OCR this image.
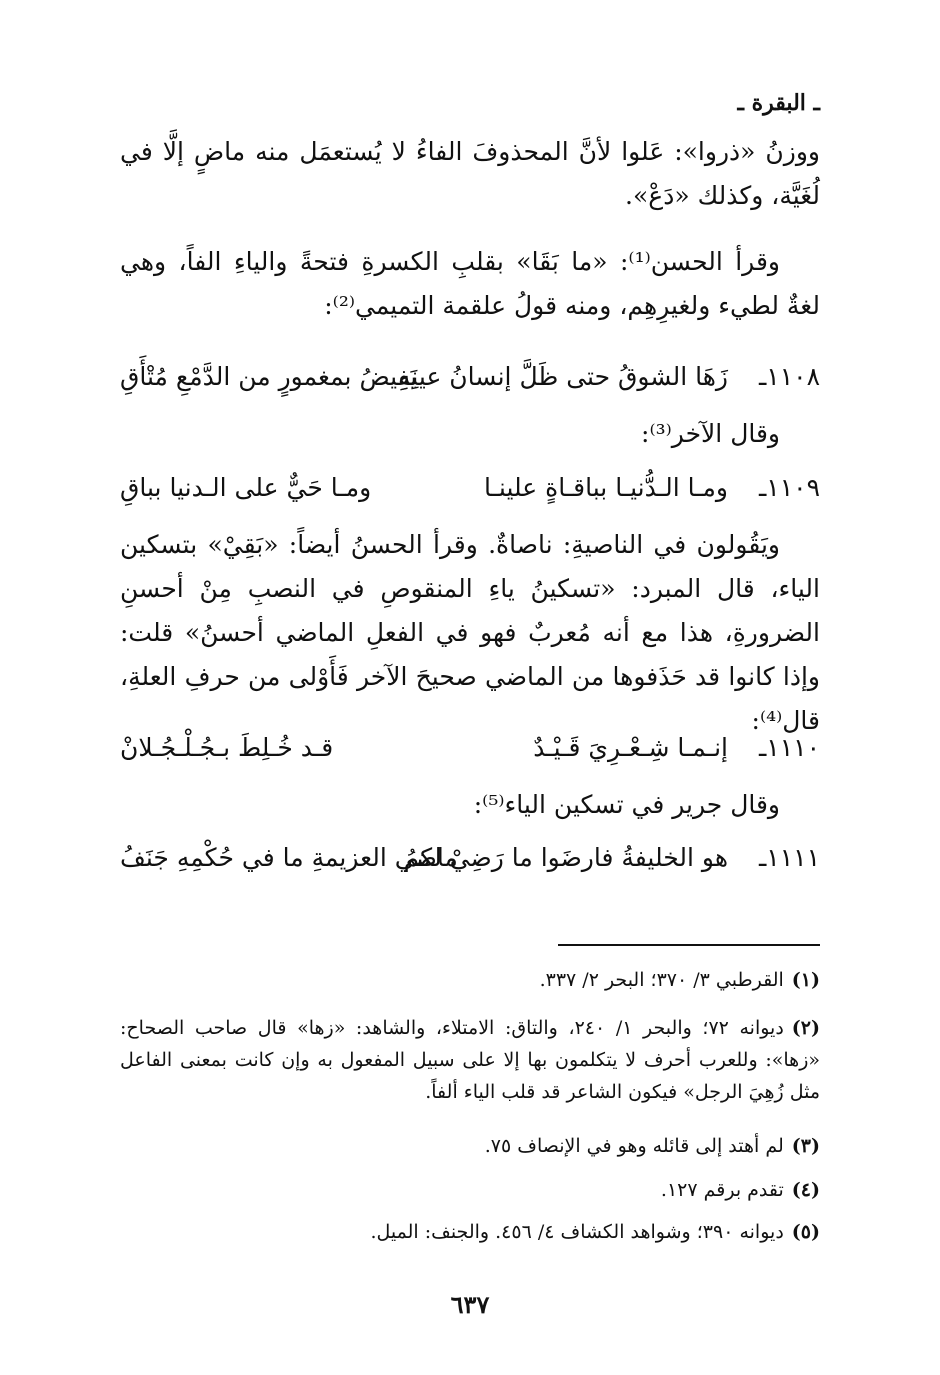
ـ البقرة ـ
ووزنُ «ذروا»: عَلوا لأنَّ المحذوفَ الفاءُ لا يُستعمَل منه ماضٍ إلَّا في لُغَيَّة، وكذلك «دَعْ».
وقرأ الحسن⁽¹⁾: «ما بَقَا» بقلبِ الكسرةِ فتحةً والياءِ الفاً، وهي لغةٌ لطيء ولغيرِهِم، ومنه قولُ علقمة التميمي⁽²⁾:
١١٠٨ـ
زَهَا الشوقُ حتى ظَلَّ إنسانُ عينِهِ
يَفِيضُ بمغمورٍ من الدَّمْعِ مُتْأَقِ
وقال الآخر⁽³⁾:
١١٠٩ـ
ومـا الـدُّنيـا بباقـاةٍ علينـا
ومـا حَيٌّ على الـدنيا بباقِ
ويَقُولون في الناصيةِ: ناصاةٌ. وقرأ الحسنُ أيضاً: «بَقِيْ» بتسكين الياء، قال المبرد: «تسكينُ ياءِ المنقوصِ في النصبِ مِنْ أحسنِ الضرورةِ، هذا مع أنه مُعربٌ فهو في الفعلِ الماضي أحسنُ» قلت: وإذا كانوا قد حَذَفوها من الماضي صحيحَ الآخر فَأَوْلى من حرفِ العلةِ، قال⁽⁴⁾:
١١١٠ـ
إنـمـا شِـعْـرِيَ قَـيْـدٌ
قـد خُـلِطَ بـجُـلْـجُـلانْ
وقال جرير في تسكين الياء⁽⁵⁾:
١١١١ـ
هو الخليفةُ فارضَوا ما رَضِيْ لكمُ
ماضي العزيمةِ ما في حُكْمِهِ جَنَفُ
(١)القرطبي ٣/ ٣٧٠؛ البحر ٢/ ٣٣٧.
(٢)ديوانه ٧٢؛ والبحر ١/ ٢٤٠، والتاق: الامتلاء، والشاهد: «زها» قال صاحب الصحاح: «زها»: وللعرب أحرف لا يتكلمون بها إلا على سبيل المفعول به وإن كانت بمعنى الفاعل مثل زُهِيَ الرجل» فيكون الشاعر قد قلب الياء ألفاً.
(٣)لم أهتد إلى قائله وهو في الإنصاف ٧٥.
(٤)تقدم برقم ١٢٧.
(٥)ديوانه ٣٩٠؛ وشواهد الكشاف ٤/ ٤٥٦. والجنف: الميل.
٦٣٧
